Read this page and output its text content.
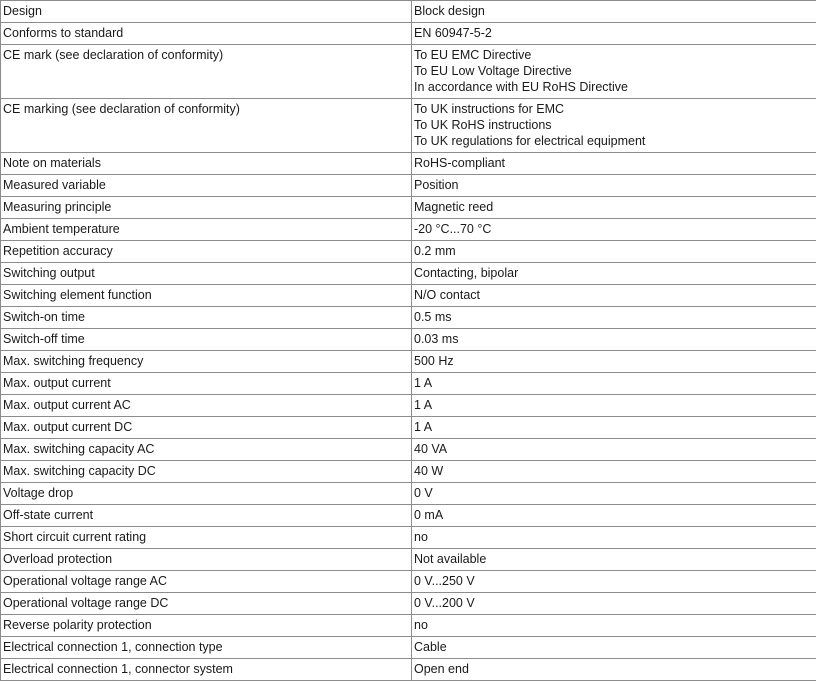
Design	Block design

Conforms to standard	EN 60947-5-2

CE mark (see declaration of conformity)	To EU EMC Directive
To EU Low Voltage Directive
In accordance with EU RoHS Directive

CE marking (see declaration of conformity)	To UK instructions for EMC
To UK RoHS instructions
To UK regulations for electrical equipment

Note on materials	RoHS-compliant

Measured variable	Position

Measuring principle	Magnetic reed

Ambient temperature	-20 °C...70 °C

Repetition accuracy	0.2 mm

Switching output	Contacting, bipolar

Switching element function	N/O contact

Switch-on time	0.5 ms

Switch-off time	0.03 ms

Max. switching frequency	500 Hz

Max. output current	1 A

Max. output current AC	1 A

Max. output current DC	1 A

Max. switching capacity AC	40 VA

Max. switching capacity DC	40 W

Voltage drop	0 V

Off-state current	0 mA

Short circuit current rating	no

Overload protection	Not available

Operational voltage range AC	0 V...250 V

Operational voltage range DC	0 V...200 V

Reverse polarity protection	no

Electrical connection 1, connection type	Cable

Electrical connection 1, connector system	Open end
